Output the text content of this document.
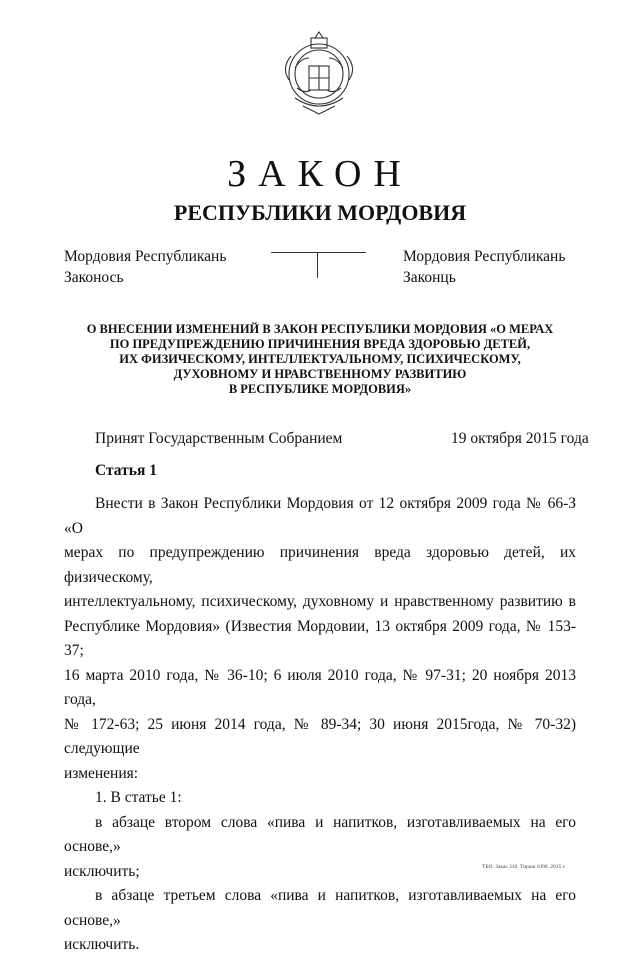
ЗАКОН
РЕСПУБЛИКИ МОРДОВИЯ
Мордовия Республикань
Законось
Мордовия Республикань
Законць
О ВНЕСЕНИИ ИЗМЕНЕНИЙ В ЗАКОН РЕСПУБЛИКИ МОРДОВИЯ «О МЕРАХ
ПО ПРЕДУПРЕЖДЕНИЮ ПРИЧИНЕНИЯ ВРЕДА ЗДОРОВЬЮ ДЕТЕЙ,
ИХ ФИЗИЧЕСКОМУ, ИНТЕЛЛЕКТУАЛЬНОМУ, ПСИХИЧЕСКОМУ,
ДУХОВНОМУ И НРАВСТВЕННОМУ РАЗВИТИЮ
В РЕСПУБЛИКЕ МОРДОВИЯ»
Принят Государственным Собранием	19 октября 2015 года
Статья 1

Внести в Закон Республики Мордовия от 12 октября 2009 года № 66-З «О

мерах по предупреждению причинения вреда здоровью детей, их физическому,

интеллектуальному, психическому, духовному и нравственному развитию в

Республике Мордовия» (Известия Мордовии, 13 октября 2009 года, № 153-37;

16 марта 2010 года, № 36-10; 6 июля 2010 года, № 97-31; 20 ноября 2013 года,

№ 172-63; 25 июня 2014 года, № 89-34; 30 июня 2015года, № 70-32) следующие

изменения:

1. В статье 1:

в абзаце втором слова «пива и напитков, изготавливаемых на его основе,»

исключить;

в абзаце третьем слова «пива и напитков, изготавливаемых на его основе,»

исключить.

ТБО. Заказ 310. Тираж 1000. 2015 г.
